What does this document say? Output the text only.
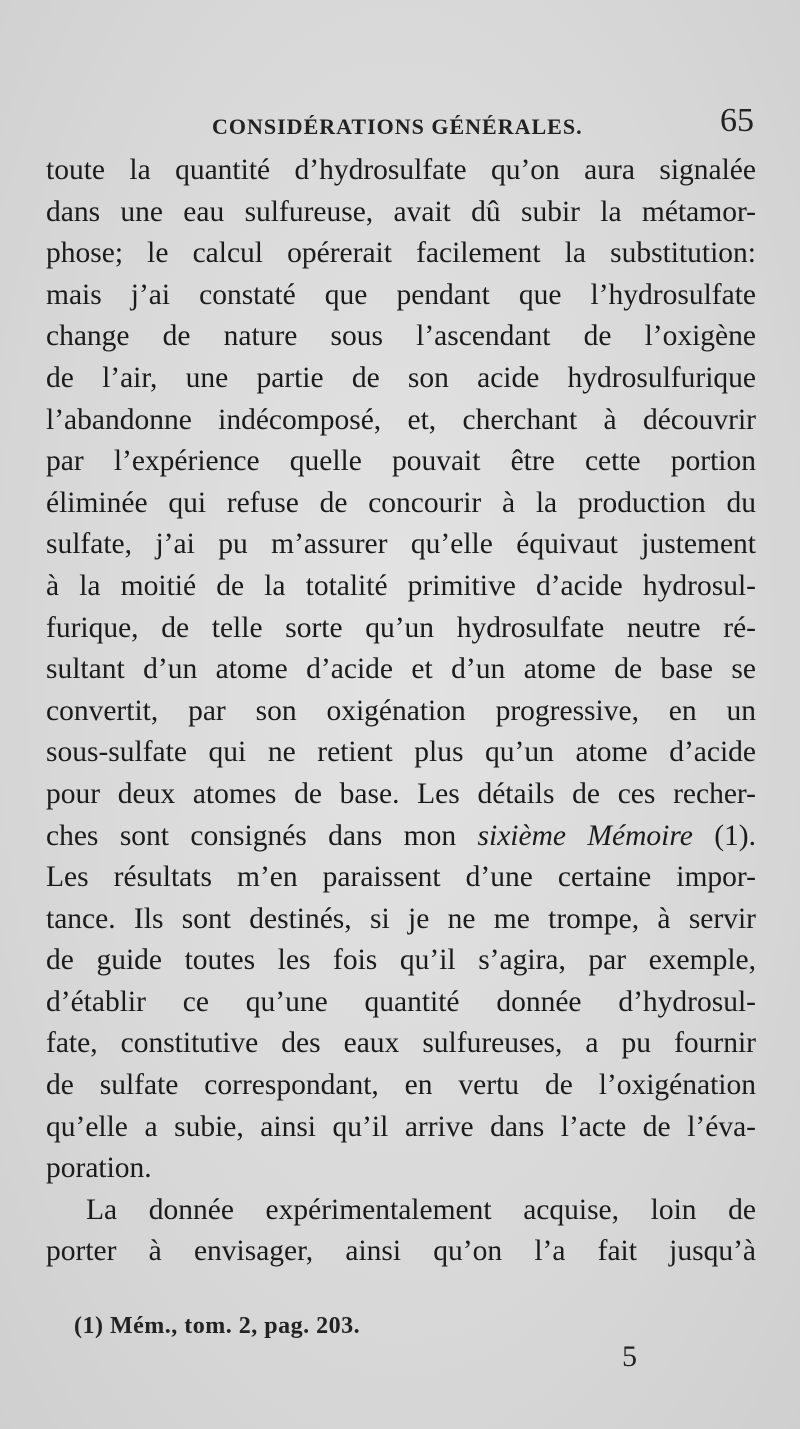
CONSIDÉRATIONS GÉNÉRALES.	65
toute la quantité d’hydrosulfate qu’on aura signalée
dans une eau sulfureuse, avait dû subir la métamor-
phose; le calcul opérerait facilement la substitution:
mais j’ai constaté que pendant que l’hydrosulfate
change de nature sous l’ascendant de l’oxigène
de l’air, une partie de son acide hydrosulfurique
l’abandonne indécomposé, et, cherchant à découvrir
par l’expérience quelle pouvait être cette portion
éliminée qui refuse de concourir à la production du
sulfate, j’ai pu m’assurer qu’elle équivaut justement
à la moitié de la totalité primitive d’acide hydrosul-
furique, de telle sorte qu’un hydrosulfate neutre ré-
sultant d’un atome d’acide et d’un atome de base se
convertit, par son oxigénation progressive, en un
sous-sulfate qui ne retient plus qu’un atome d’acide
pour deux atomes de base. Les détails de ces recher-
ches sont consignés dans mon sixième Mémoire (1).
Les résultats m’en paraissent d’une certaine impor-
tance. Ils sont destinés, si je ne me trompe, à servir
de guide toutes les fois qu’il s’agira, par exemple,
d’établir ce qu’une quantité donnée d’hydrosul-
fate, constitutive des eaux sulfureuses, a pu fournir
de sulfate correspondant, en vertu de l’oxigénation
qu’elle a subie, ainsi qu’il arrive dans l’acte de l’éva-
poration.
La donnée expérimentalement acquise, loin de
porter à envisager, ainsi qu’on l’a fait jusqu’à
(1) Mém., tom. 2, pag. 203.
5
